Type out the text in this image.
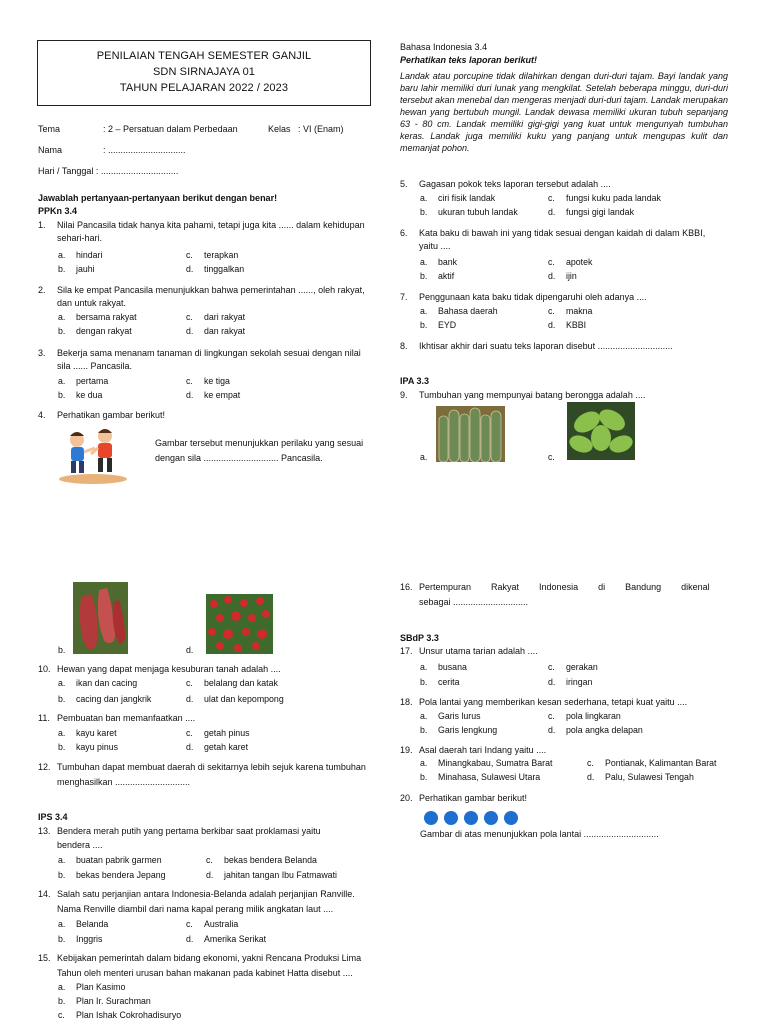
PENILAIAN TENGAH SEMESTER GANJIL
SDN SIRNAJAYA 01
TAHUN PELAJARAN 2022 / 2023
Tema	: 2 – Persatuan dalam Perbedaan	Kelas : VI (Enam)
Nama	: ...............................
Hari / Tanggal : ...............................
Jawablah pertanyaan-pertanyaan berikut dengan benar!
PPKn 3.4
1. Nilai Pancasila tidak hanya kita pahami, tetapi juga kita ...... dalam kehidupan
sehari-hari.
a. hindari
b. jauhi
c. terapkan
d. tinggalkan
2. Sila ke empat Pancasila menunjukkan bahwa pemerintahan ......, oleh rakyat,
dan untuk rakyat.
a. bersama rakyat
b. dengan rakyat
c. dari rakyat
d. dan rakyat
3. Bekerja sama menanam tanaman di lingkungan sekolah sesuai dengan nilai
sila ...... Pancasila.
a. pertama
b. ke dua
c. ke tiga
d. ke empat
4. Perhatikan gambar berikut!
Gambar tersebut menunjukkan perilaku yang sesuai
dengan sila .............................. Pancasila.
Bahasa Indonesia 3.4
Perhatikan teks laporan berikut!
Landak atau porcupine tidak dilahirkan dengan duri-duri tajam. Bayi landak yang baru lahir memiliki duri lunak yang mengkilat. Setelah beberapa minggu, duri-duri tersebut akan menebal dan mengeras menjadi duri-duri tajam. Landak merupakan hewan yang bertubuh mungil. Landak dewasa memiliki ukuran tubuh sepanjang 63 - 80 cm. Landak memiliki gigi-gigi yang kuat untuk mengunyah tumbuhan keras. Landak juga memiliki kuku yang panjang untuk mengupas kulit dan memanjat pohon.
5. Gagasan pokok teks laporan tersebut adalah ....
a. ciri fisik landak
b. ukuran tubuh landak
c. fungsi kuku pada landak
d. fungsi gigi landak
6. Kata baku di bawah ini yang tidak sesuai dengan kaidah di dalam KBBI,
yaitu ....
a. bank
b. aktif
c. apotek
d. ijin
7. Penggunaan kata baku tidak dipengaruhi oleh adanya ....
a. Bahasa daerah
b. EYD
c. makna
d. KBBI
8. Ikhtisar akhir dari suatu teks laporan disebut ..............................
IPA 3.3
9. Tumbuhan yang mempunyai batang berongga adalah ....
a.	c.
b.	d.
10. Hewan yang dapat menjaga kesuburan tanah adalah ....
a. ikan dan cacing
b. cacing dan jangkrik
c. belalang dan katak
d. ulat dan kepompong
11. Pembuatan ban memanfaatkan ....
a. kayu karet
b. kayu pinus
c. getah pinus
d. getah karet
12. Tumbuhan dapat membuat daerah di sekitarnya lebih sejuk karena tumbuhan
menghasilkan ..............................
IPS 3.4
13. Bendera merah putih yang pertama berkibar saat proklamasi yaitu
bendera ....
a. buatan pabrik garmen
b. bekas bendera Jepang
c. bekas bendera Belanda
d. jahitan tangan Ibu Fatmawati
14. Salah satu perjanjian antara Indonesia-Belanda adalah perjanjian Ranville.
Nama Renville diambil dari nama kapal perang milik angkatan laut ....
a. Belanda
b. Inggris
c. Australia
d. Amerika Serikat
15. Kebijakan pemerintah dalam bidang ekonomi, yakni Rencana Produksi Lima
Tahun oleh menteri urusan bahan makanan pada kabinet Hatta disebut ....
a. Plan Kasimo
b. Plan Ir. Surachman
c. Plan Ishak Cokrohadisuryo
16. Pertempuran        Rakyat        Indonesia        di        Bandung        dikenal
sebagai ..............................
SBdP 3.3
17. Unsur utama tarian adalah ....
a. busana
b. cerita
c. gerakan
d. iringan
18. Pola lantai yang memberikan kesan sederhana, tetapi kuat yaitu ....
a. Garis lurus
b. Garis lengkung
c. pola lingkaran
d. pola angka delapan
19. Asal daerah tari Indang yaitu ....
a. Minangkabau, Sumatra Barat
b. Minahasa, Sulawesi Utara
c. Pontianak, Kalimantan Barat
d. Palu, Sulawesi Tengah
20. Perhatikan gambar berikut!
Gambar di atas menunjukkan pola lantai ..............................
